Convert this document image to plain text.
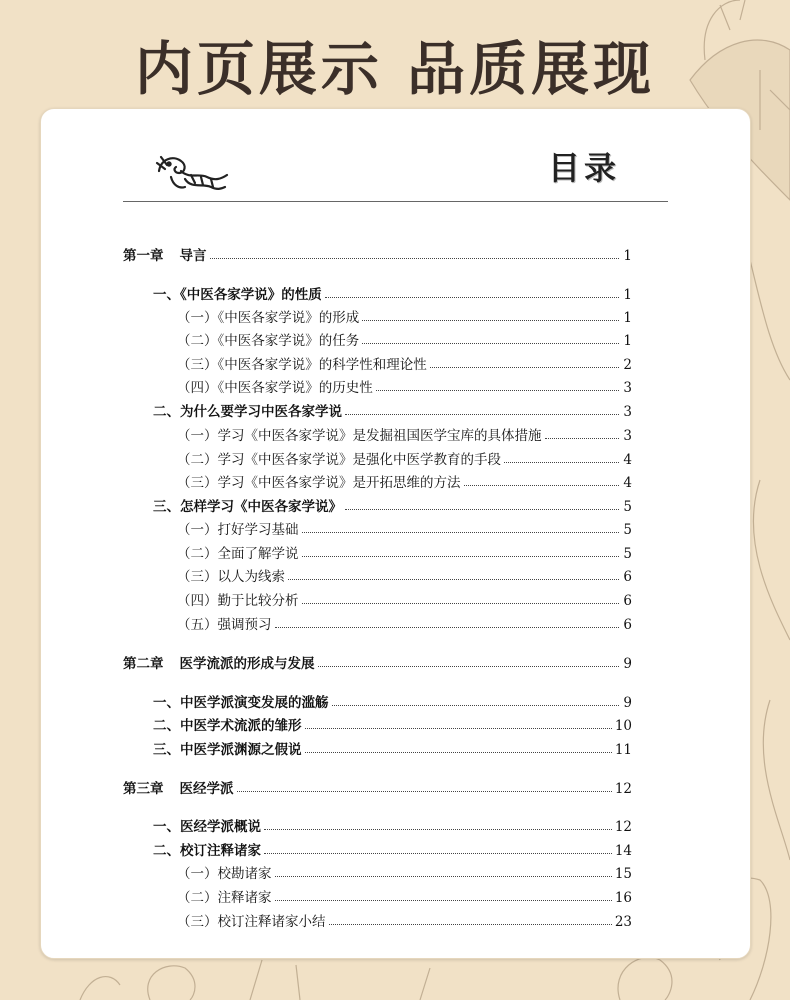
内页展示 品质展现
目录
第一章 导言	1
一、《中医各家学说》的性质	1
（一）《中医各家学说》的形成	1
（二）《中医各家学说》的任务	1
（三）《中医各家学说》的科学性和理论性	2
（四）《中医各家学说》的历史性	3
二、为什么要学习中医各家学说	3
（一）学习《中医各家学说》是发掘祖国医学宝库的具体措施	3
（二）学习《中医各家学说》是强化中医学教育的手段	4
（三）学习《中医各家学说》是开拓思维的方法	4
三、怎样学习《中医各家学说》	5
（一）打好学习基础	5
（二）全面了解学说	5
（三）以人为线索	6
（四）勤于比较分析	6
（五）强调预习	6
第二章 医学流派的形成与发展	9
一、中医学派演变发展的滥觞	9
二、中医学术流派的雏形	10
三、中医学派渊源之假说	11
第三章 医经学派	12
一、医经学派概说	12
二、校订注释诸家	14
（一）校勘诸家	15
（二）注释诸家	16
（三）校订注释诸家小结	23
